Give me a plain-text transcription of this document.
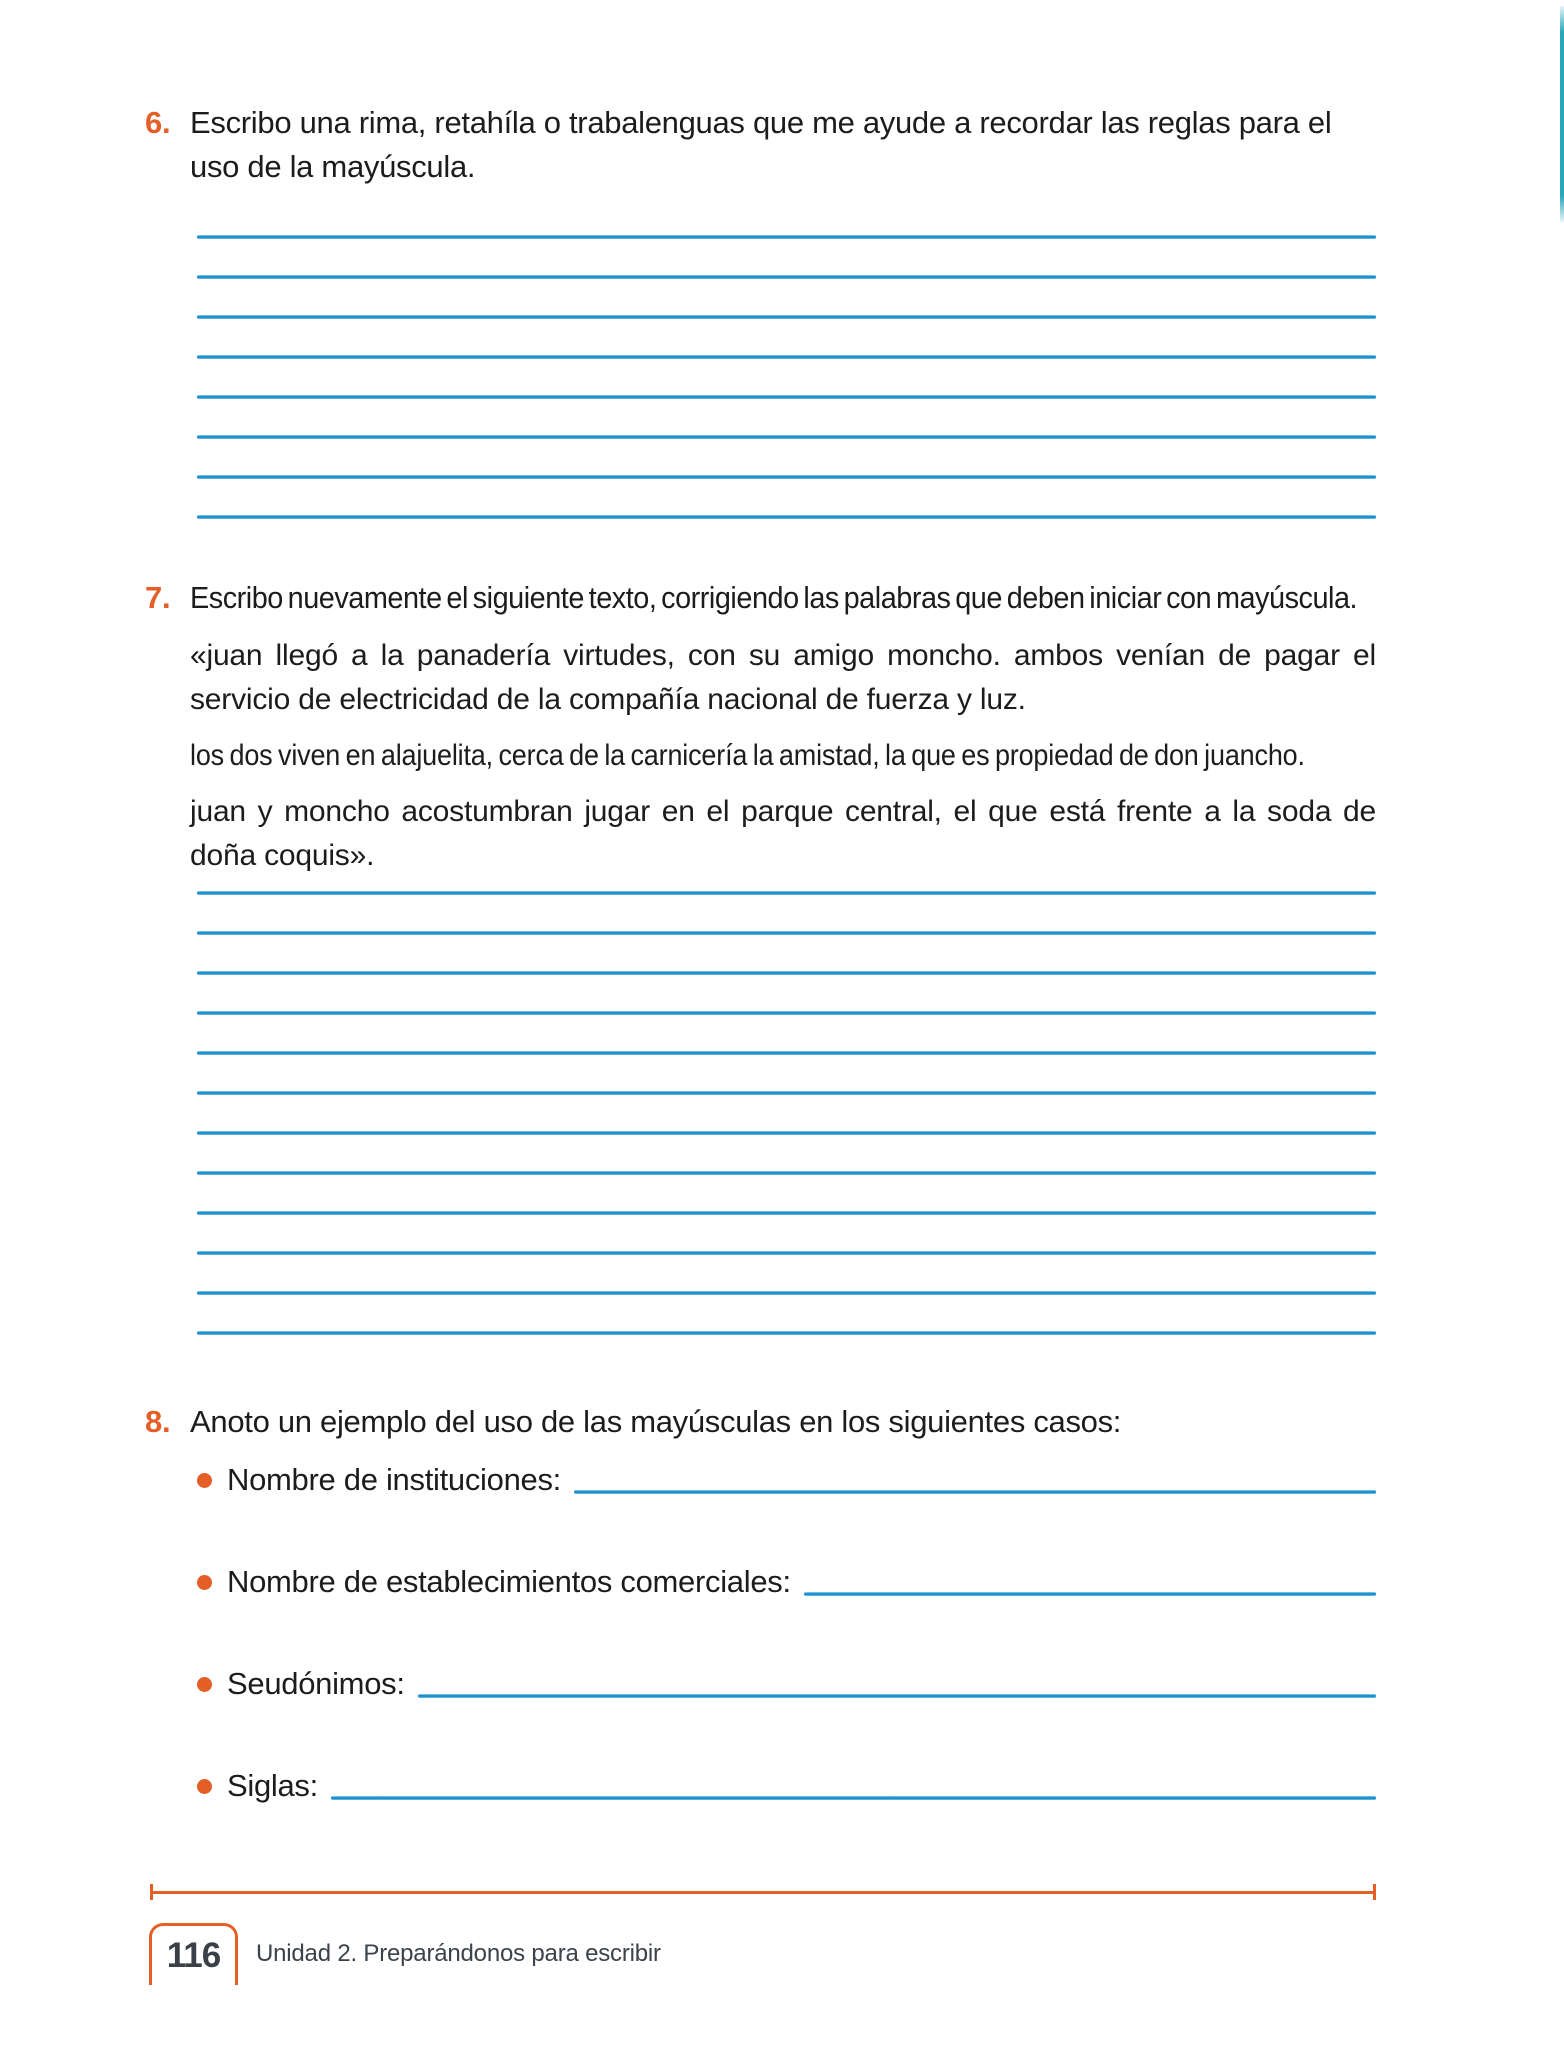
6. Escribo una rima, retahíla o trabalenguas que me ayude a recordar las reglas para el uso de la mayúscula.

7. Escribo nuevamente el siguiente texto, corrigiendo las palabras que deben iniciar con mayúscula.

«juan llegó a la panadería virtudes, con su amigo moncho. ambos venían de pagar el servicio de electricidad de la compañía nacional de fuerza y luz.

los dos viven en alajuelita, cerca de la carnicería la amistad, la que es propiedad de don juancho.

juan y moncho acostumbran jugar en el parque central, el que está frente a la soda de doña coquis».

8. Anoto un ejemplo del uso de las mayúsculas en los siguientes casos:

Nombre de instituciones:
Nombre de establecimientos comerciales:
Seudónimos:
Siglas:
116 Unidad 2. Preparándonos para escribir
